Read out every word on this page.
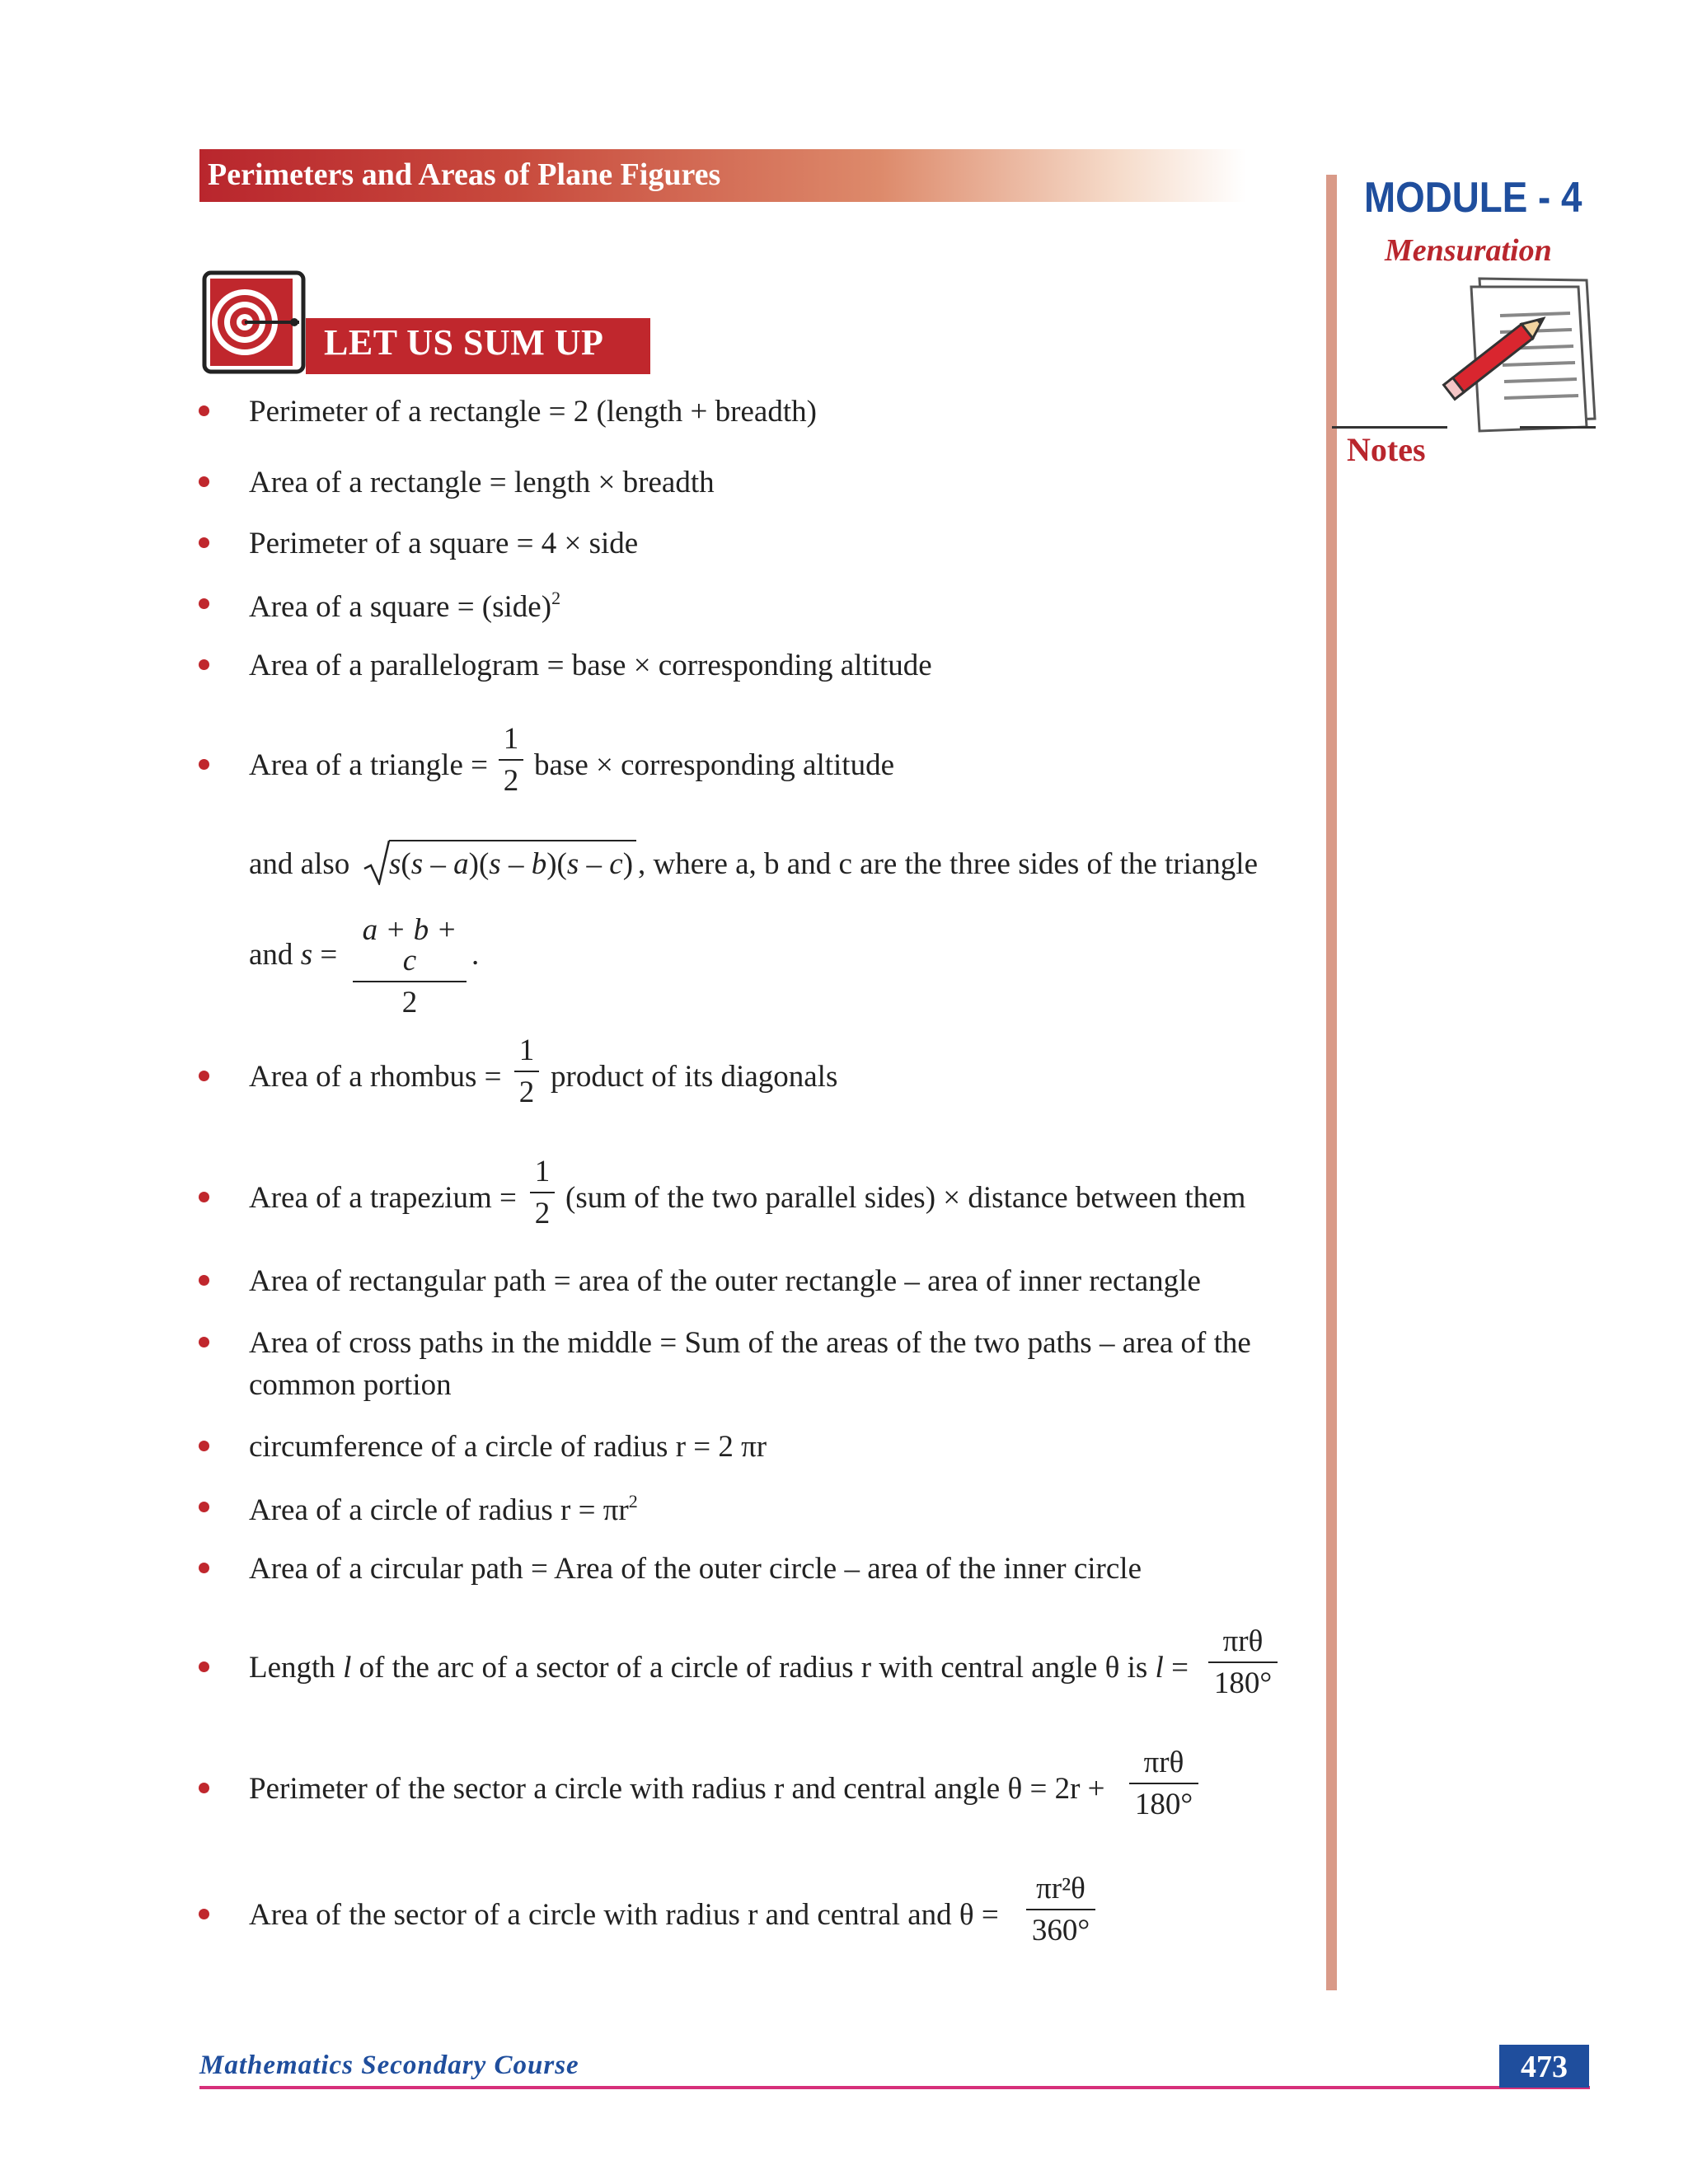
Perimeters and Areas of Plane Figures	MODULE - 4
Mensuration
Notes
LET US SUM UP
Perimeter of a rectangle = 2 (length + breadth)
Area of a rectangle = length × breadth
Perimeter of a square = 4 × side
Area of a square = (side)$^2$
Area of a parallelogram = base × corresponding altitude
Area of a triangle =
1
2 base × corresponding altitude
and also s(s – a)(s – b)(s – c) , where a, b and c are the three sides of the triangle
and s =
a + b + c
2
.
Area of a rhombus =
1
2 product of its diagonals
Area of a trapezium =
1
2 (sum of the two parallel sides) × distance between them
Area of rectangular path = area of the outer rectangle – area of inner rectangle
Area of cross paths in the middle = Sum of the areas of the two paths – area of the
common portion
circumference of a circle of radius r = 2 πr
Area of a circle of radius $r = \pi r^2$
Area of a circular path = Area of the outer circle – area of the inner circle
Length l of the arc of a sector of a circle of radius r with central angle θ is l =
πrθ
180°
Perimeter of the sector a circle with radius r and central angle θ = 2r +
πrθ
180°
Area of the sector of a circle with radius r and central and θ =
πr²θ
360°
Mathematics Secondary Course	473
